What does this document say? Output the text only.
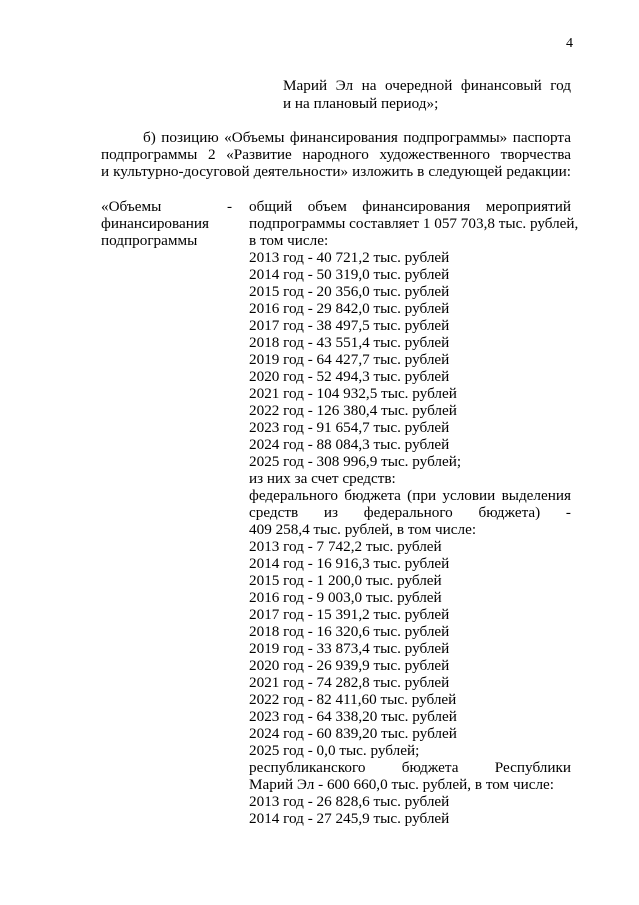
4
Марий Эл на очередной финансовый год
и на плановый период»;
б) позицию «Объемы финансирования подпрограммы» паспорта
подпрограммы 2 «Развитие народного художественного творчества
и культурно-досуговой деятельности» изложить в следующей редакции:
«Объемы
финансирования
подпрограммы
- общий объем финансирования мероприятий
подпрограммы составляет 1 057 703,8 тыс. рублей,
в том числе:
2013 год - 40 721,2 тыс. рублей
2014 год - 50 319,0 тыс. рублей
2015 год - 20 356,0 тыс. рублей
2016 год - 29 842,0 тыс. рублей
2017 год - 38 497,5 тыс. рублей
2018 год - 43 551,4 тыс. рублей
2019 год - 64 427,7 тыс. рублей
2020 год - 52 494,3 тыс. рублей
2021 год - 104 932,5 тыс. рублей
2022 год - 126 380,4 тыс. рублей
2023 год - 91 654,7 тыс. рублей
2024 год - 88 084,3 тыс. рублей
2025 год - 308 996,9 тыс. рублей;
из них за счет средств:
федерального бюджета (при условии выделения
средств из федерального бюджета) -
409 258,4 тыс. рублей, в том числе:
2013 год - 7 742,2 тыс. рублей
2014 год - 16 916,3 тыс. рублей
2015 год - 1 200,0 тыс. рублей
2016 год - 9 003,0 тыс. рублей
2017 год - 15 391,2 тыс. рублей
2018 год - 16 320,6 тыс. рублей
2019 год - 33 873,4 тыс. рублей
2020 год - 26 939,9 тыс. рублей
2021 год - 74 282,8 тыс. рублей
2022 год - 82 411,60 тыс. рублей
2023 год - 64 338,20 тыс. рублей
2024 год - 60 839,20 тыс. рублей
2025 год - 0,0 тыс. рублей;
республиканского бюджета Республики
Марий Эл - 600 660,0 тыс. рублей, в том числе:
2013 год - 26 828,6 тыс. рублей
2014 год - 27 245,9 тыс. рублей
